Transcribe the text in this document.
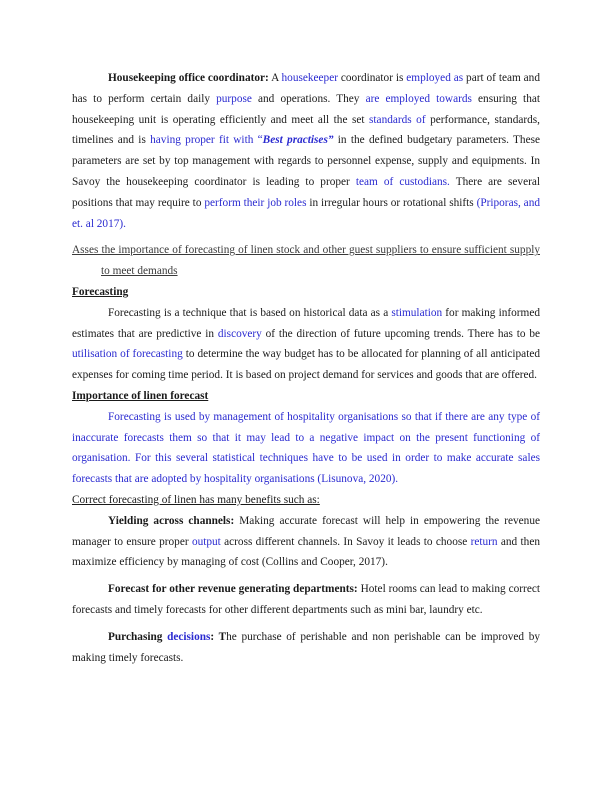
Housekeeping office coordinator: A housekeeper coordinator is employed as part of team and has to perform certain daily purpose and operations. They are employed towards ensuring that housekeeping unit is operating efficiently and meet all the set standards of performance, standards, timelines and is having proper fit with “Best practises” in the defined budgetary parameters. These parameters are set by top management with regards to personnel expense, supply and equipments. In Savoy the housekeeping coordinator is leading to proper team of custodians. There are several positions that may require to perform their job roles in irregular hours or rotational shifts (Priporas, and et. al 2017).

Asses the importance of forecasting of linen stock and other guest suppliers to ensure sufficient supply to meet demands

Forecasting

Forecasting is a technique that is based on historical data as a stimulation for making informed estimates that are predictive in discovery of the direction of future upcoming trends. There has to be utilisation of forecasting to determine the way budget has to be allocated for planning of all anticipated expenses for coming time period. It is based on project demand for services and goods that are offered.

Importance of linen forecast

Forecasting is used by management of hospitality organisations so that if there are any type of inaccurate forecasts them so that it may lead to a negative impact on the present functioning of organisation. For this several statistical techniques have to be used in order to make accurate sales forecasts that are adopted by hospitality organisations (Lisunova, 2020).

Correct forecasting of linen has many benefits such as:

Yielding across channels: Making accurate forecast will help in empowering the revenue manager to ensure proper output across different channels. In Savoy it leads to choose return and then maximize efficiency by managing of cost (Collins and Cooper, 2017).

Forecast for other revenue generating departments: Hotel rooms can lead to making correct forecasts and timely forecasts for other different departments such as mini bar, laundry etc.

Purchasing decisions: The purchase of perishable and non perishable can be improved by making timely forecasts.
